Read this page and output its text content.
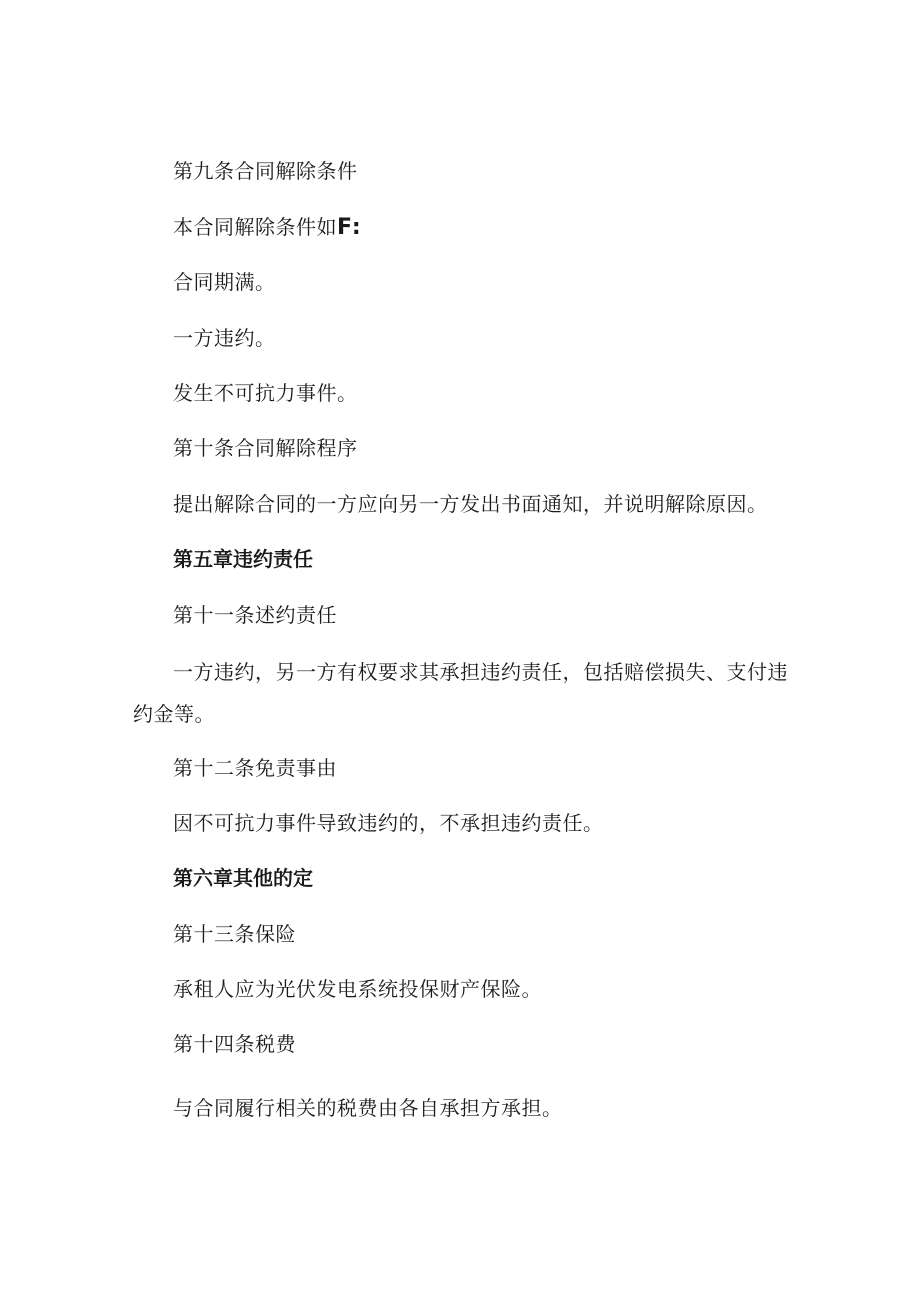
第九条合同解除条件
本合同解除条件如F:
合同期满。
一方违约。
发生不可抗力事件。
第十条合同解除程序
提出解除合同的一方应向另一方发出书面通知，并说明解除原因。
第五章违约责任
第十一条述约责任
一方违约，另一方有权要求其承担违约责任，包括赔偿损失、支付违约金等。
第十二条免责事由
因不可抗力事件导致违约的，不承担违约责任。
第六章其他的定
第十三条保险
承租人应为光伏发电系统投保财产保险。
第十四条税费
与合同履行相关的税费由各自承担方承担。
